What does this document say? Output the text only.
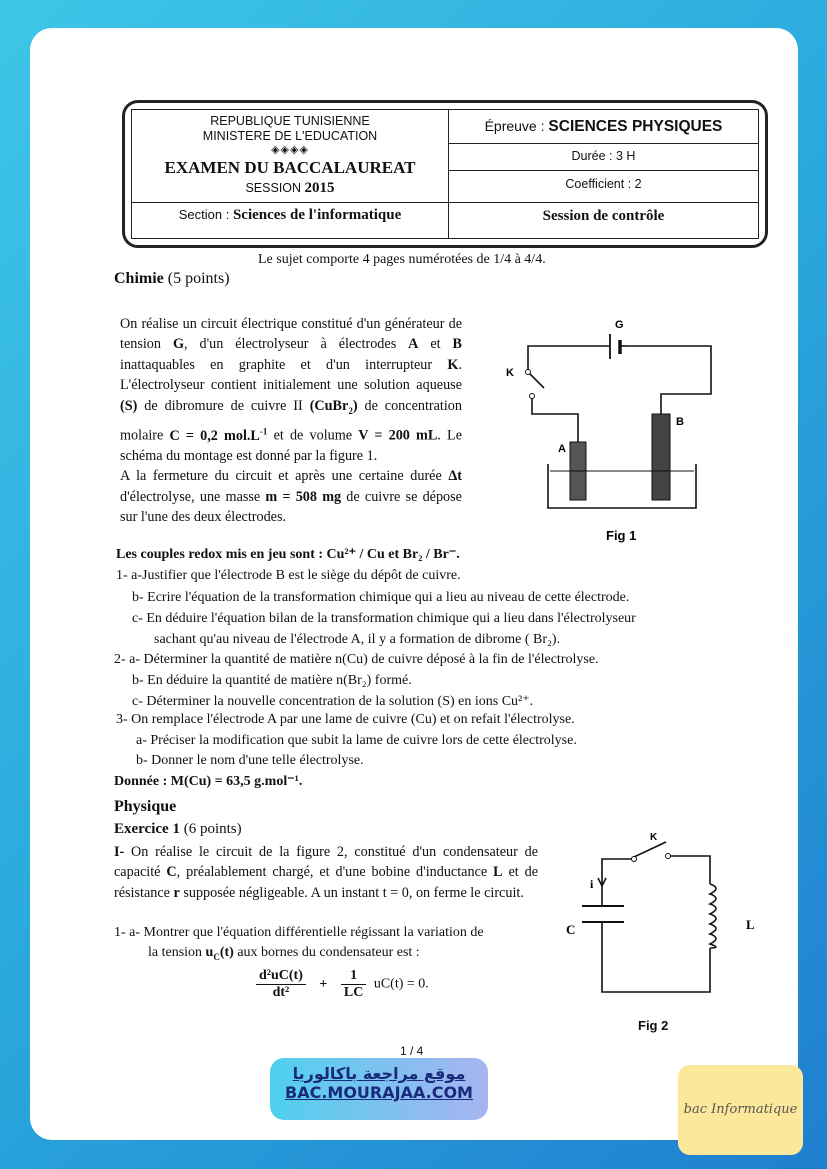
REPUBLIQUE TUNISIENNE
MINISTERE DE L'EDUCATION
◈◈◈◈
EXAMEN DU BACCALAUREAT
SESSION 2015
Section : Sciences de l'informatique
Épreuve : SCIENCES PHYSIQUES
Durée : 3 H
Coefficient : 2
Session de contrôle
Le sujet comporte 4 pages numérotées de 1/4 à 4/4.
Chimie (5 points)

On réalise un circuit électrique constitué d'un générateur de tension G, d'un électrolyseur à électrodes A et B inattaquables en graphite et d'un interrupteur K. L'électrolyseur contient initialement une solution aqueuse (S) de dibromure de cuivre II (CuBr$_2$) de concentration molaire C = 0,2 $mol.L^{-1}$ et de volume V = 200 mL. Le schéma du montage est donné par la figure 1.

A la fermeture du circuit et après une certaine durée Δt d'électrolyse, une masse m = 508 mg de cuivre se dépose sur l'une des deux électrodes.

G
K
A
B
Fig 1
Les couples redox mis en jeu sont : Cu²⁺ / Cu et Br₂ / Br⁻.
1- a-Justifier que l'électrode B est le siège du dépôt de cuivre.
b- Ecrire l'équation de la transformation chimique qui a lieu au niveau de cette électrode.
c- En déduire l'équation bilan de la transformation chimique qui a lieu dans l'électrolyseur
sachant qu'au niveau de l'électrode A, il y a formation de dibrome ( Br₂).
2- a- Déterminer la quantité de matière n(Cu) de cuivre déposé à la fin de l'électrolyse.
b- En déduire la quantité de matière n(Br₂) formé.
c- Déterminer la nouvelle concentration de la solution (S) en ions Cu²⁺.
3- On remplace l'électrode A par une lame de cuivre (Cu) et on refait l'électrolyse.
a- Préciser la modification que subit la lame de cuivre lors de cette électrolyse.
b- Donner le nom d'une telle électrolyse.
Donnée : M(Cu) = 63,5 g.mol⁻¹.
Physique
Exercice 1 (6 points)

I- On réalise le circuit de la figure 2, constitué d'un condensateur de capacité C, préalablement chargé, et d'une bobine d'inductance L et de résistance r supposée négligeable. A un instant t = 0, on ferme le circuit.

1- a- Montrer que l'équation différentielle régissant la variation de
la tension $u_C(t)$ aux bornes du condensateur est :
$\frac{\text{d²uC(t)}}{\text{dt²}} + \frac{1}{LC} uC(t) = 0$.
K
i
C	L
Fig 2
1 / 4
موقع مراجعة باكالوريا
BAC.MOURAJAA.COM
bac Informatique
